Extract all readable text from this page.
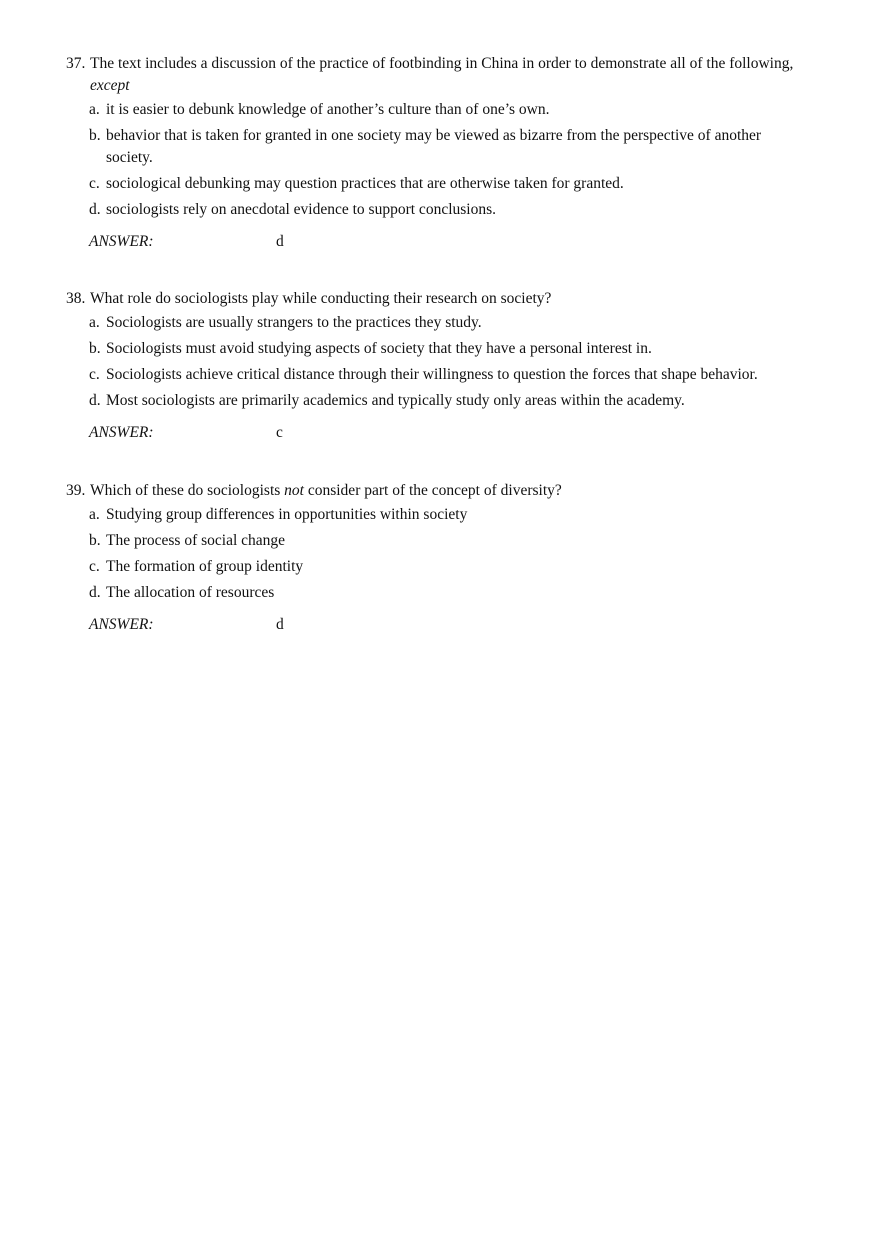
37. The text includes a discussion of the practice of footbinding in China in order to demonstrate all of the following,
except
a. it is easier to debunk knowledge of another’s culture than of one’s own.
b. behavior that is taken for granted in one society may be viewed as bizarre from the perspective of another society.
c. sociological debunking may question practices that are otherwise taken for granted.
d. sociologists rely on anecdotal evidence to support conclusions.
ANSWER:	d
38. What role do sociologists play while conducting their research on society?
a. Sociologists are usually strangers to the practices they study.
b. Sociologists must avoid studying aspects of society that they have a personal interest in.
c. Sociologists achieve critical distance through their willingness to question the forces that shape behavior.
d. Most sociologists are primarily academics and typically study only areas within the academy.
ANSWER:	c
39. Which of these do sociologists not consider part of the concept of diversity?
a. Studying group differences in opportunities within society
b. The process of social change
c. The formation of group identity
d. The allocation of resources
ANSWER:	d
